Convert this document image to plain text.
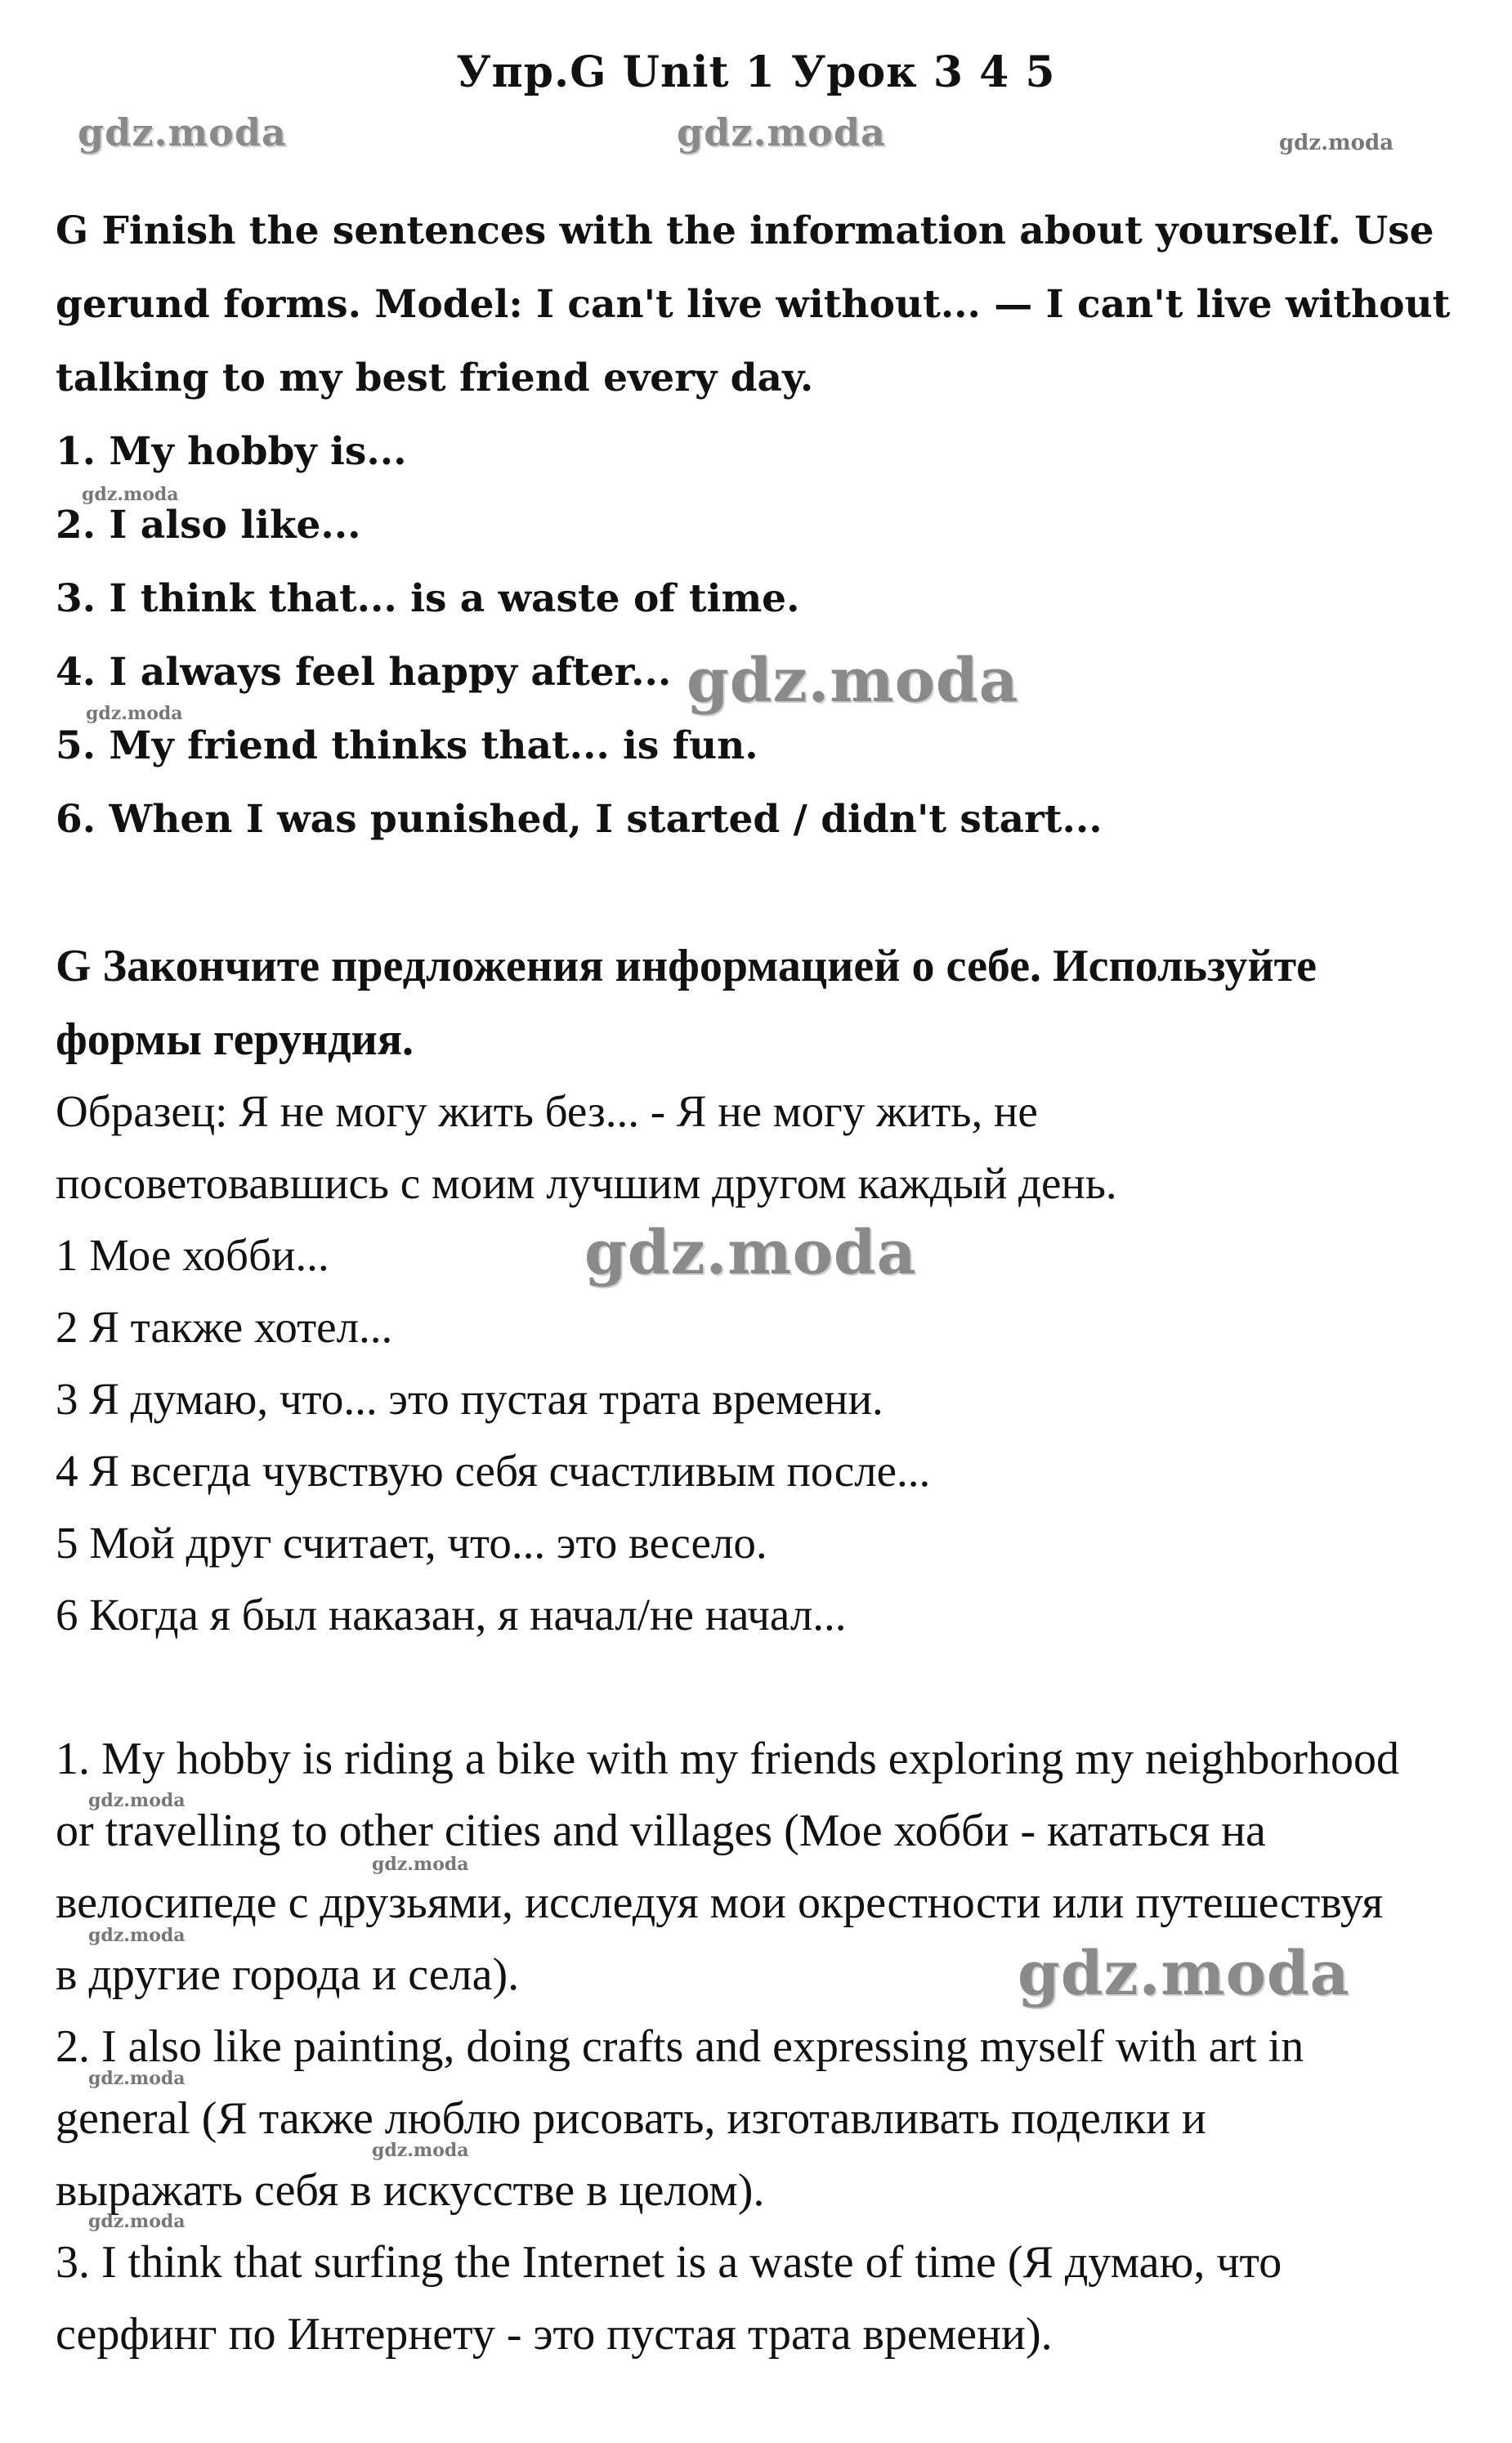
Упр.G Unit 1 Урок 3 4 5
G Finish the sentences with the information about yourself. Use
gerund forms. Model: I can't live without... — I can't live without
talking to my best friend every day.
1. My hobby is...
2. I also like...
3. I think that... is a waste of time.
4. I always feel happy after...
5. My friend thinks that... is fun.
6. When I was punished, I started / didn't start...
G Закончите предложения информацией о себе. Используйте
формы герундия.
Образец: Я не могу жить без... - Я не могу жить, не
посоветовавшись с моим лучшим другом каждый день.
1 Мое хобби...
2 Я также хотел...
3 Я думаю, что... это пустая трата времени.
4 Я всегда чувствую себя счастливым после...
5 Мой друг считает, что... это весело.
6 Когда я был наказан, я начал/не начал...
1. My hobby is riding a bike with my friends exploring my neighborhood
or travelling to other cities and villages (Мое хобби - кататься на
велосипеде с друзьями, исследуя мои окрестности или путешествуя
в другие города и села).
2. I also like painting, doing crafts and expressing myself with art in
general (Я также люблю рисовать, изготавливать поделки и
выражать себя в искусстве в целом).
3. I think that surfing the Internet is a waste of time (Я думаю, что
серфинг по Интернету - это пустая трата времени).
gdz.moda	gdz.moda	gdz.moda
gdz.moda
gdz.moda
gdz.moda
gdz.moda
gdz.moda
gdz.moda
gdz.moda
gdz.moda
gdz.moda
gdz.moda
gdz.moda
